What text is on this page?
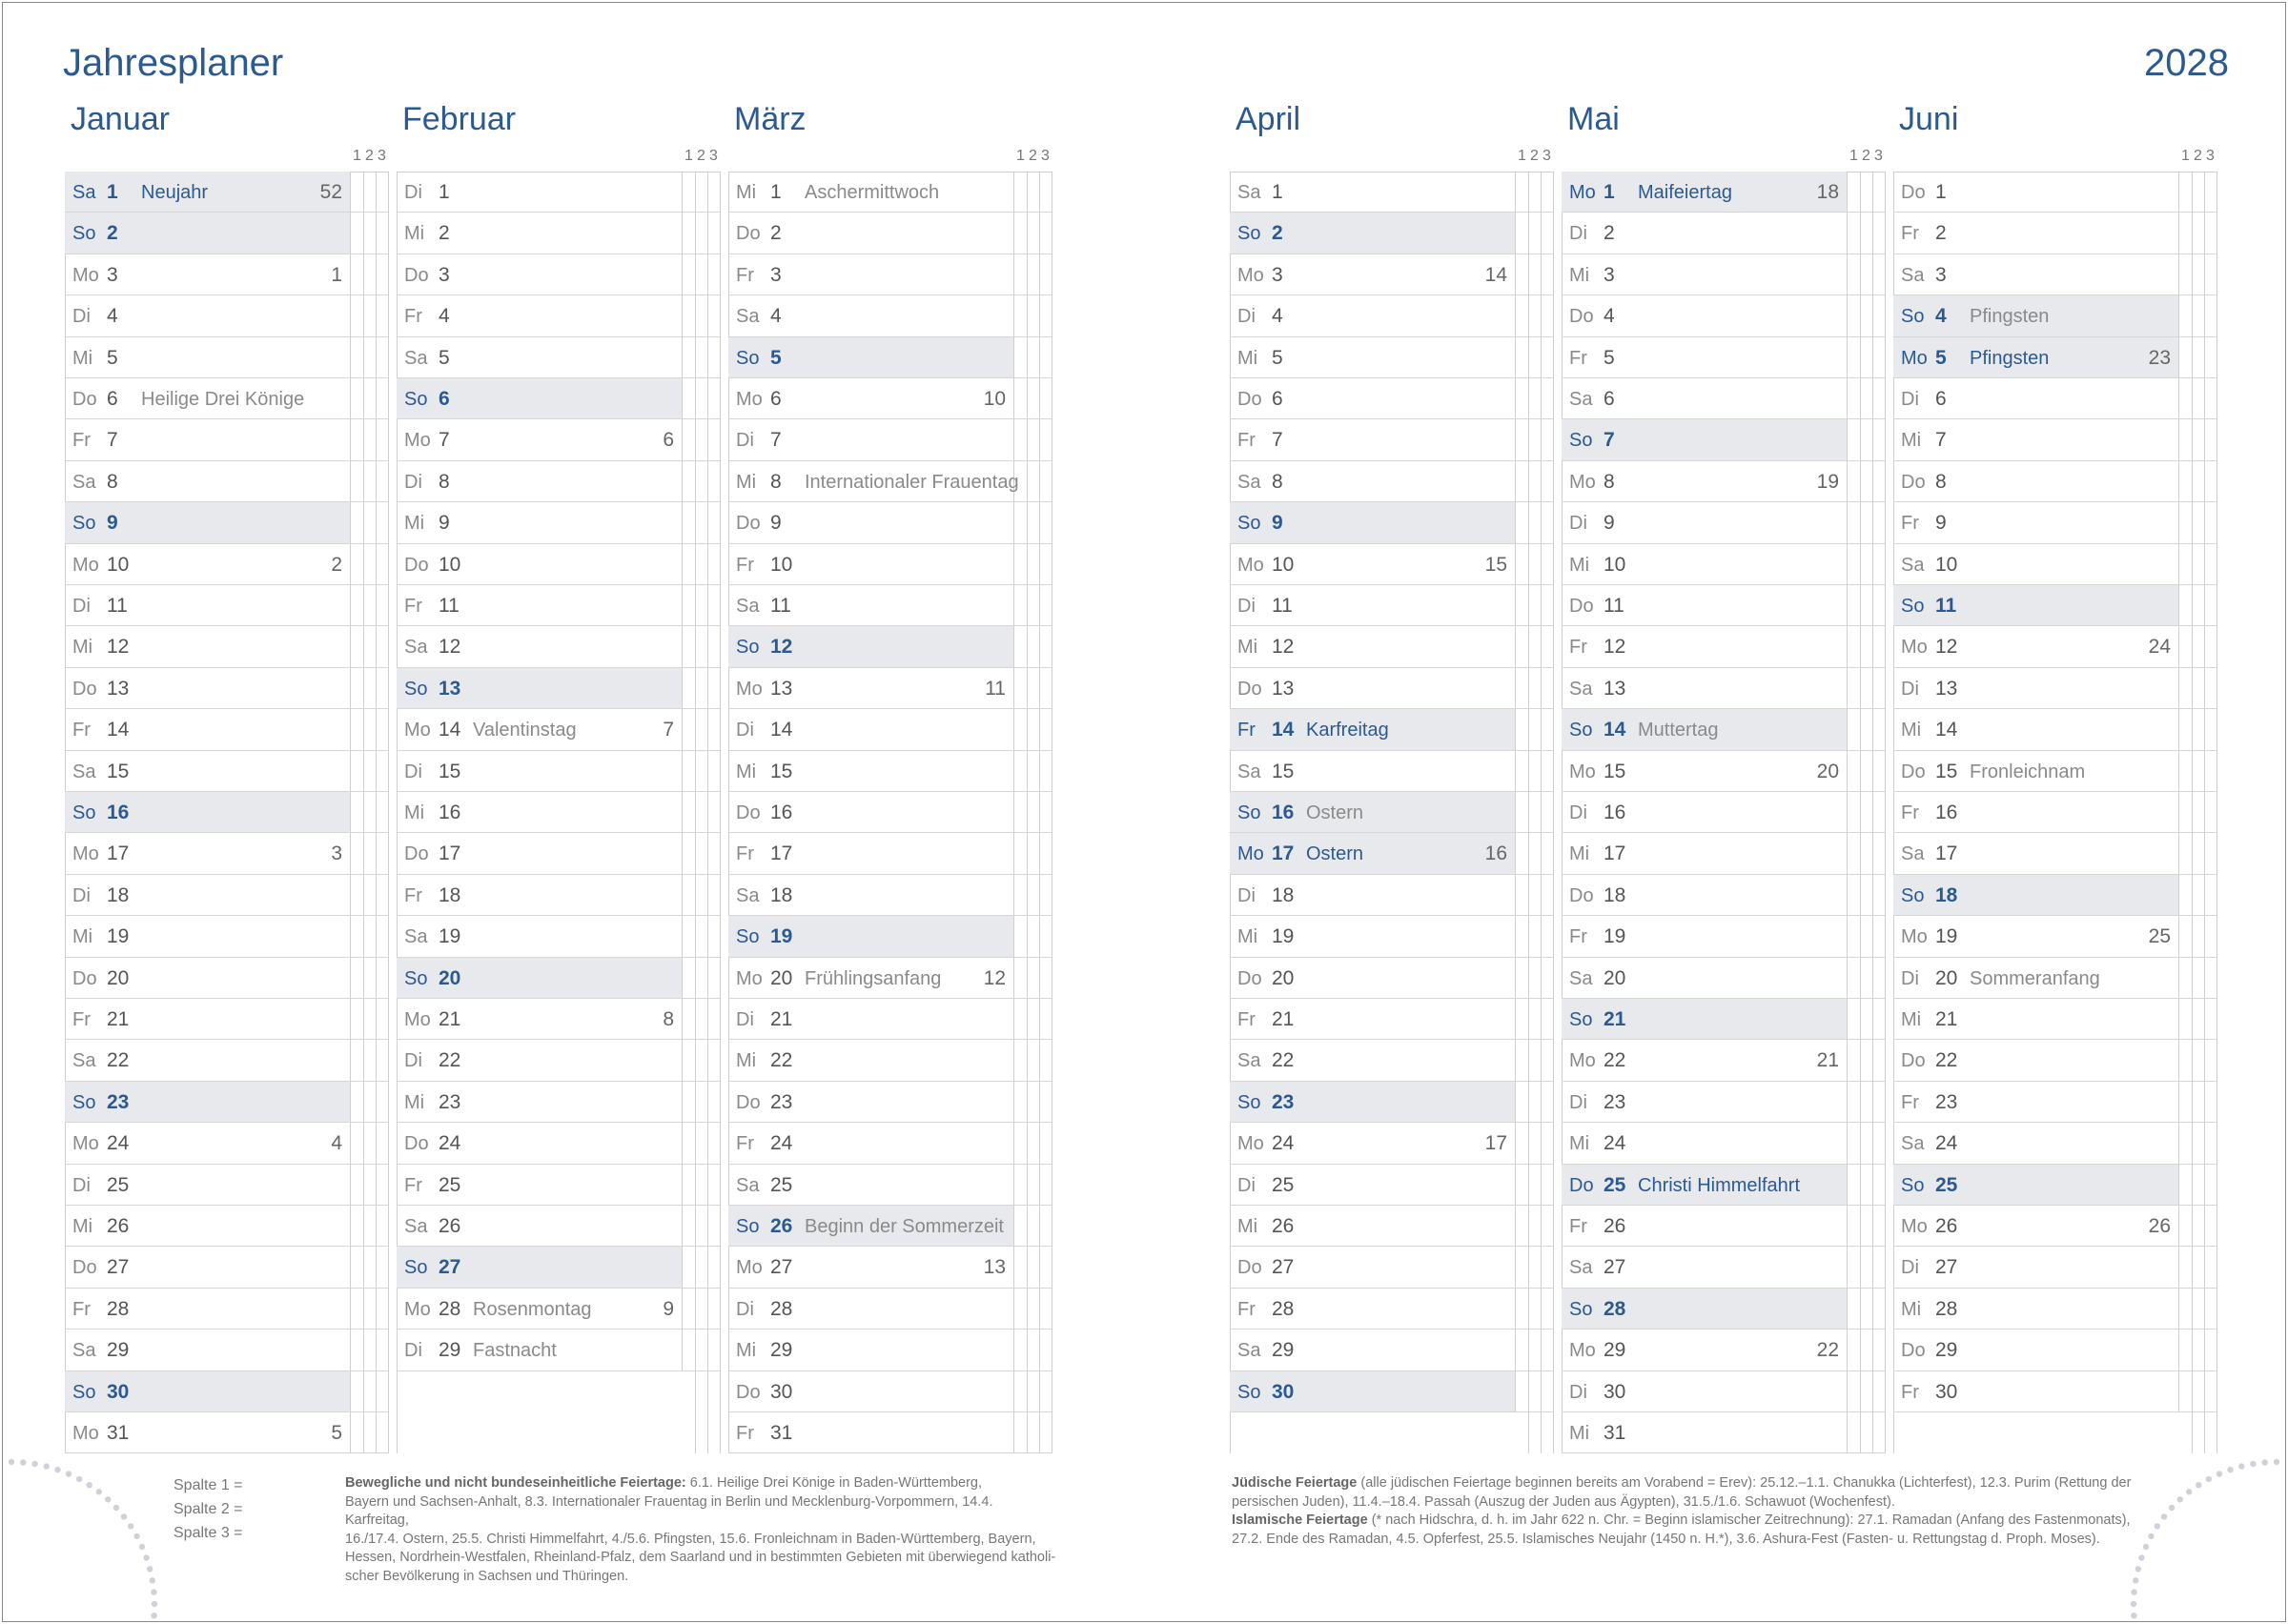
Jahresplaner	2028
Januar
1 2 3
Sa 1 Neujahr	52
So 2
Mo 3	1
Di 4
Mi 5
Do 6 Heilige Drei Könige
Fr 7
Sa 8
So 9
Mo 10	2
Di 11
Mi 12
Do 13
Fr 14
Sa 15
So 16
Mo 17	3
Di 18
Mi 19
Do 20
Fr 21
Sa 22
So 23
Mo 24	4
Di 25
Mi 26
Do 27
Fr 28
Sa 29
So 30
Mo 31	5
Februar
1 2 3
Di 1
Mi 2
Do 3
Fr 4
Sa 5
So 6
Mo 7	6
Di 8
Mi 9
Do 10
Fr 11
Sa 12
So 13
Mo 14 Valentinstag	7
Di 15
Mi 16
Do 17
Fr 18
Sa 19
So 20
Mo 21	8
Di 22
Mi 23
Do 24
Fr 25
Sa 26
So 27
Mo 28 Rosenmontag	9
Di 29 Fastnacht
März
1 2 3
Mi 1 Aschermittwoch
Do 2
Fr 3
Sa 4
So 5
Mo 6	10
Di 7
Mi 8 Internationaler Frauentag
Do 9
Fr 10
Sa 11
So 12
Mo 13	11
Di 14
Mi 15
Do 16
Fr 17
Sa 18
So 19
Mo 20 Frühlingsanfang 12
Di 21
Mi 22
Do 23
Fr 24
Sa 25
So 26 Beginn der Sommerzeit
Mo 27	13
Di 28
Mi 29
Do 30
Fr 31
April
1 2 3
Sa 1
So 2
Mo 3	14
Di 4
Mi 5
Do 6
Fr 7
Sa 8
So 9
Mo 10	15
Di 11
Mi 12
Do 13
Fr 14 Karfreitag
Sa 15
So 16 Ostern
Mo 17 Ostern	16
Di 18
Mi 19
Do 20
Fr 21
Sa 22
So 23
Mo 24	17
Di 25
Mi 26
Do 27
Fr 28
Sa 29
So 30
Mai
1 2 3
Mo 1 Maifeiertag	18
Di 2
Mi 3
Do 4
Fr 5
Sa 6
So 7
Mo 8	19
Di 9
Mi 10
Do 11
Fr 12
Sa 13
So 14 Muttertag
Mo 15	20
Di 16
Mi 17
Do 18
Fr 19
Sa 20
So 21
Mo 22	21
Di 23
Mi 24
Do 25 Christi Himmelfahrt
Fr 26
Sa 27
So 28
Mo 29	22
Di 30
Mi 31
Juni
1 2 3
Do 1
Fr 2
Sa 3
So 4 Pfingsten
Mo 5 Pfingsten	23
Di 6
Mi 7
Do 8
Fr 9
Sa 10
So 11
Mo 12	24
Di 13
Mi 14
Do 15 Fronleichnam
Fr 16
Sa 17
So 18
Mo 19	25
Di 20 Sommeranfang
Mi 21
Do 22
Fr 23
Sa 24
So 25
Mo 26	26
Di 27
Mi 28
Do 29
Fr 30
Spalte 1 =
Spalte 2 =
Spalte 3 =
Bewegliche und nicht bundeseinheitliche Feiertage: 6.1. Heilige Drei Könige in Baden-Württemberg,
Bayern und Sachsen-Anhalt, 8.3. Internationaler Frauentag in Berlin und Mecklenburg-Vorpommern, 14.4. Karfreitag,
16./17.4. Ostern, 25.5. Christi Himmelfahrt, 4./5.6. Pfingsten, 15.6. Fronleichnam in Baden-Württemberg, Bayern,
Hessen, Nordrhein-Westfalen, Rheinland-Pfalz, dem Saarland und in bestimmten Gebieten mit überwiegend katholi-
scher Bevölkerung in Sachsen und Thüringen.
Jüdische Feiertage (alle jüdischen Feiertage beginnen bereits am Vorabend = Erev): 25.12.–1.1. Chanukka (Lichterfest), 12.3. Purim (Rettung der
persischen Juden), 11.4.–18.4. Passah (Auszug der Juden aus Ägypten), 31.5./1.6. Schawuot (Wochenfest).
Islamische Feiertage (* nach Hidschra, d. h. im Jahr 622 n. Chr. = Beginn islamischer Zeitrechnung): 27.1. Ramadan (Anfang des Fastenmonats),
27.2. Ende des Ramadan, 4.5. Opferfest, 25.5. Islamisches Neujahr (1450 n. H.*), 3.6. Ashura-Fest (Fasten- u. Rettungstag d. Proph. Moses).
